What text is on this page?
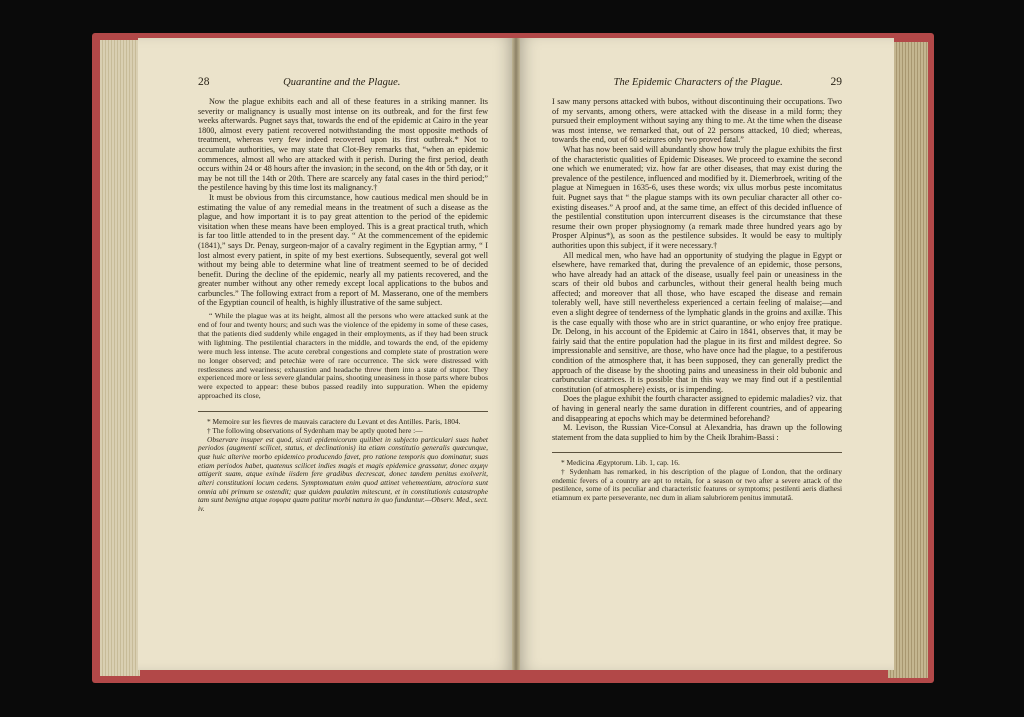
28	Quarantine and the Plague.

Now the plague exhibits each and all of these features in a striking manner. Its severity or malignancy is usually most intense on its outbreak, and for the first few weeks afterwards. Pugnet says that, towards the end of the epidemic at Cairo in the year 1800, almost every patient recovered notwithstanding the most opposite methods of treatment, whereas very few indeed recovered upon its first outbreak.* Not to accumulate authorities, we may state that Clot-Bey remarks that, “when an epidemic commences, almost all who are attacked with it perish. During the first period, death occurs within 24 or 48 hours after the invasion; in the second, on the 4th or 5th day, or it may be not till the 14th or 20th. There are scarcely any fatal cases in the third period;” the pestilence having by this time lost its malignancy.†

It must be obvious from this circumstance, how cautious medical men should be in estimating the value of any remedial means in the treatment of such a disease as the plague, and how important it is to pay great attention to the period of the epidemic visitation when these means have been employed. This is a great practical truth, which is far too little attended to in the present day. “ At the commencement of the epidemic (1841),” says Dr. Penay, surgeon-major of a cavalry regiment in the Egyptian army, “ I lost almost every patient, in spite of my best exertions. Subsequently, several got well without my being able to determine what line of treatment seemed to be of decided benefit. During the decline of the epidemic, nearly all my patients recovered, and the greater number without any other remedy except local applications to the bubos and carbuncles.” The following extract from a report of M. Masserano, one of the members of the Egyptian council of health, is highly illustrative of the same subject.

“ While the plague was at its height, almost all the persons who were attacked sunk at the end of four and twenty hours; and such was the violence of the epidemy in some of these cases, that the patients died suddenly while engaged in their employments, as if they had been struck with lightning. The pestilential characters in the middle, and towards the end, of the epidemy were much less intense. The acute cerebral congestions and complete state of prostration were no longer observed; and petechiæ were of rare occurrence. The sick were distressed with restlessness and weariness; exhaustion and headache threw them into a state of stupor. They experienced more or less severe glandular pains, shooting uneasiness in those parts where bubos were expected to appear: these bubos passed readily into suppuration. When the epidemy approached its close,

* Memoire sur les fievres de mauvais caractere du Levant et des Antilles. Paris, 1804.

† The following observations of Sydenham may be aptly quoted here :—

Observare insuper est quod, sicuti epidemicorum quilibet in subjecto particulari suas habet periodos (augmenti scilicet, status, et declinationis) ita etiam constitutio generalis quæcunque, quæ huic alterive morbo epidemico producendo favet, pro ratione temporis quo dominatur, suas etiam periodos habet, quatenus scilicet indies magis et magis epidemice grassatur, donec αxμην attigerit suam, atque exinde iisdem fere gradibus decrescat, donec tandem penitus exolverit, alteri constitutioni locum cedens. Symptomatum enim quod attinet vehementiam, atrociora sunt omnia ubi primum se ostendit; quæ quidem paulatim mitescunt, et in constitutionis catastrophe tam sunt benigna atque ευφορα quam patitur morbi natura in quo fundantur.—Observ. Med., sect. iv.

The Epidemic Characters of the Plague.	29

I saw many persons attacked with bubos, without discontinuing their occupations. Two of my servants, among others, were attacked with the disease in a mild form; they pursued their employment without saying any thing to me. At the time when the disease was most intense, we remarked that, out of 22 persons attacked, 10 died; whereas, towards the end, out of 60 seizures only two proved fatal.”

What has now been said will abundantly show how truly the plague exhibits the first of the characteristic qualities of Epidemic Diseases. We proceed to examine the second one which we enumerated; viz. how far are other diseases, that may exist during the prevalence of the pestilence, influenced and modified by it. Diemerbroek, writing of the plague at Nimeguen in 1635-6, uses these words; vix ullus morbus peste incomitatus fuit. Pugnet says that “ the plague stamps with its own peculiar character all other co-existing diseases.” A proof and, at the same time, an effect of this decided influence of the pestilential constitution upon intercurrent diseases is the circumstance that these resume their own proper physiognomy (a remark made three hundred years ago by Prosper Alpinus*), as soon as the pestilence subsides. It would be easy to multiply authorities upon this subject, if it were necessary.†

All medical men, who have had an opportunity of studying the plague in Egypt or elsewhere, have remarked that, during the prevalence of an epidemic, those persons, who have already had an attack of the disease, usually feel pain or uneasiness in the scars of their old bubos and carbuncles, without their general health being much affected; and moreover that all those, who have escaped the disease and remain tolerably well, have still nevertheless experienced a certain feeling of malaise;—and even a slight degree of tenderness of the lymphatic glands in the groins and axillæ. This is the case equally with those who are in strict quarantine, or who enjoy free pratique. Dr. Delong, in his account of the Epidemic at Cairo in 1841, observes that, it may be fairly said that the entire population had the plague in its first and mildest degree. So impressionable and sensitive, are those, who have once had the plague, to a pestiferous condition of the atmosphere that, it has been supposed, they can generally predict the approach of the disease by the shooting pains and uneasiness in their old bubonic and carbuncular cicatrices. It is possible that in this way we may find out if a pestilential constitution (of atmosphere) exists, or is impending.

Does the plague exhibit the fourth character assigned to epidemic maladies? viz. that of having in general nearly the same duration in different countries, and of appearing and disappearing at epochs which may be determined beforehand?

M. Levison, the Russian Vice-Consul at Alexandria, has drawn up the following statement from the data supplied to him by the Cheik Ibrahim-Bassi :

* Medicina Ægyptorum. Lib. 1, cap. 16.

† Sydenham has remarked, in his description of the plague of London, that the ordinary endemic fevers of a country are apt to retain, for a season or two after a severe attack of the pestilence, some of its peculiar and characteristic features or symptoms; pestilenti aeris diathesi etiamnum ex parte perseverante, nec dum in aliam salubriorem penitus immutatâ.
